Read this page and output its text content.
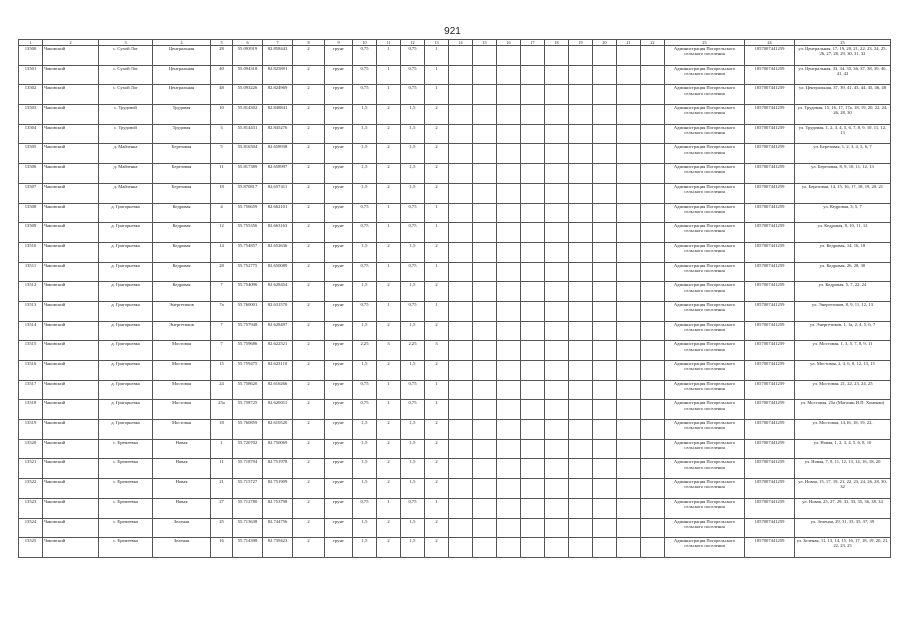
921
1	2	3	4	5	6	7	8	9	10	11	12	13	14	15	16	17	18	19	20	21	22	23	24	25
13500	Чановский	с. Сухой Лог	Центральная	28	55.093919	82.858443	2	грунт	0,75	1	0,75	1										Администрация Погорельского сельского поселения	1057007441259	ул. Центральная, 17, 19, 20, 21, 22, 23, 24, 25, 26, 27, 28, 29, 30, 31, 32
13501	Чановский	с. Сухой Лог	Центральная	40	55.094318	82.825891	2	грунт	0,75	1	0,75	1										Администрация Погорельского сельского поселения	1057007441259	ул. Центральная, 33, 34, 35, 36, 37, 38, 39, 40, 41, 42
13502	Чановский	с. Сухой Лог	Центральная	48	55.093226	82.824969	2	грунт	0,75	1	0,75	1										Администрация Погорельского сельского поселения	1057007441259	ул. Центральная, 37, 39, 41, 43, 44, 45, 46, 48
13503	Чановский	с. Трудовой	Трудовая	10	55.814302	82.848841	2	грунт	1,5	2	1,5	2										Администрация Погорельского сельского поселения	1057007441259	ул. Трудовая, 15, 16, 17, 17а, 18, 19, 20, 22, 24, 26, 28, 30
13504	Чановский	с. Трудовой	Трудовая	3	55.814431	82.845276	2	грунт	1,5	2	1,5	2										Администрация Погорельского сельского поселения	1057007441259	ул. Трудовая, 1, 2, 3, 4, 5, 6, 7, 8, 9, 10, 11, 12, 13
13505	Чановский	д. Майзенка	Березовая	5	55.816304	82.658938	2	грунт	1,5	2	1,5	2										Администрация Погорельского сельского поселения	1057007441259	ул. Березовая, 1, 2, 3, 4, 5, 6, 7
13506	Чановский	д. Майзенка	Березовая	11	55.817389	82.658997	2	грунт	1,5	2	1,5	2										Администрация Погорельского сельского поселения	1057007441259	ул. Березовая, 8, 9, 10, 11, 12, 13
13507	Чановский	д. Майзенка	Березовая	18	55.870817	82.657411	2	грунт	1,5	2	1,5	2										Администрация Погорельского сельского поселения	1057007441259	ул. Березовая, 14, 15, 16, 17, 18, 19, 20, 21
13508	Чановский	д. Григорьевка	Кедровая	4	55.756659	82.662101	2	грунт	0,75	1	0,75	1										Администрация Погорельского сельского поселения	1057007441259	ул. Кедровая, 3, 5, 7
13509	Чановский	д. Григорьевка	Кедровая	12	55.755356	82.663163	2	грунт	0,75	1	0,75	1										Администрация Погорельского сельского поселения	1057007441259	ул. Кедровая, 8, 10, 11, 12
13510	Чановский	д. Григорьевка	Кедровая	14	55.754857	82.652636	2	грунт	1,5	2	1,5	2										Администрация Погорельского сельского поселения	1057007441259	ул. Кедровая, 14, 16, 18
13511	Чановский	д. Григорьевка	Кедровая	28	55.752775	82.650089	2	грунт	0,75	1	0,75	1										Администрация Погорельского сельского поселения	1057007441259	ул. Кедровая, 26, 28, 30
13512	Чановский	д. Григорьевка	Кедровая	7	55.754096	82.628454	2	грунт	1,5	2	1,5	2										Администрация Погорельского сельского поселения	1057007441259	ул. Кедровая, 5, 7, 22, 24
13513	Чановский	д. Григорьевка	Энергетиков	7а	55.760001	82.631570	2	грунт	0,75	1	0,75	1										Администрация Погорельского сельского поселения	1057007441259	ул. Энергетиков, 8, 9, 11, 12, 13
13514	Чановский	д. Григорьевка	Энергетиков	7	55.757948	82.628497	2	грунт	1,5	2	1,5	2										Администрация Погорельского сельского поселения	1057007441259	ул. Энергетиков, 1, 1а, 2, 4, 5, 6, 7
13515	Чановский	д. Григорьевка	Мостовая	7	55.759686	82.622521	2	грунт	2,25	3	2,25	3										Администрация Погорельского сельского поселения	1057007441259	ул. Мостовая, 1, 3, 5, 7, 8, 9, 11
13516	Чановский	д. Григорьевка	Мостовая	15	55.759475	82.623110	2	грунт	1,5	2	1,5	2										Администрация Погорельского сельского поселения	1057007441259	ул. Мостовая, 2, 4, 6, 8, 12, 13, 15
13517	Чановский	д. Григорьевка	Мостовая	24	55.758620	82.616266	2	грунт	0,75	1	0,75	1										Администрация Погорельского сельского поселения	1057007441259	ул. Мостовая, 21, 22, 23, 24, 25
13518	Чановский	д. Григорьевка	Мостовая	25а	55.758725	82.620011	2	грунт	0,75	1	0,75	1										Администрация Погорельского сельского поселения	1057007441259	ул. Мостовая, 25а (Магазин И.П. Хоменко)
13519	Чановский	д. Григорьевка	Мостовая	18	55.760859	82.610520	2	грунт	1,5	2	1,5	2										Администрация Погорельского сельского поселения	1057007441259	ул. Мостовая, 14,16, 18, 19, 22,
13520	Чановский	с. Еремеевка	Новая	1	55.720702	82.750069	2	грунт	1,5	2	1,5	2										Администрация Погорельского сельского поселения	1057007441259	ул. Новая, 1, 2, 3, 4, 5, 6, 8, 10
13521	Чановский	с. Еремеевка	Новая	11	55.718794	82.751978	2	грунт	1,5	2	1,5	2										Администрация Погорельского сельского поселения	1057007441259	ул. Новая, 7, 9, 11, 12, 13, 14, 16, 18, 20
13522	Чановский	с. Еремеевка	Новая	21	55.715727	82.751909	2	грунт	1,5	2	1,5	2										Администрация Погорельского сельского поселения	1057007441259	ул. Новая, 15, 17, 19, 21, 22, 23, 24, 26, 28, 30, 32
13523	Чановский	с. Еремеевка	Новая	27	55.712780	82.753798	2	грунт	0,75	1	0,75	1										Администрация Погорельского сельского поселения	1057007441259	ул. Новая, 25, 27, 29, 31, 33, 35, 36, 38, 34
13524	Чановский	с. Еремеевка	Зеленая	25	55.713638	82.744756	2	грунт	1,5	2	1,5	2										Администрация Погорельского сельского поселения	1057007441259	ул. Зеленая, 29, 31, 33, 35, 37, 39
13525	Чановский	с. Еремеевка	Зеленая	16	55.714398	82.739423	2	грунт	1,5	2	1,5	2										Администрация Погорельского сельского поселения	1057007441259	ул. Зеленая, 11, 13, 14, 15, 16, 17, 18, 19, 20, 21, 22, 23, 25
